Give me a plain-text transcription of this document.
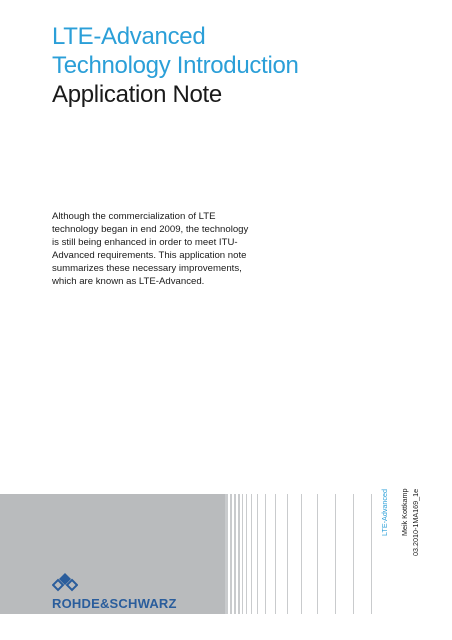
LTE-Advanced
Technology Introduction
Application Note
Although the commercialization of LTE technology began in end 2009, the technology is still being enhanced in order to meet ITU-Advanced requirements. This application note summarizes these necessary improvements, which are known as LTE-Advanced.
LTE-Advanced Meik Kottkamp 03.2010-1MA169_1e
ROHDE&SCHWARZ
